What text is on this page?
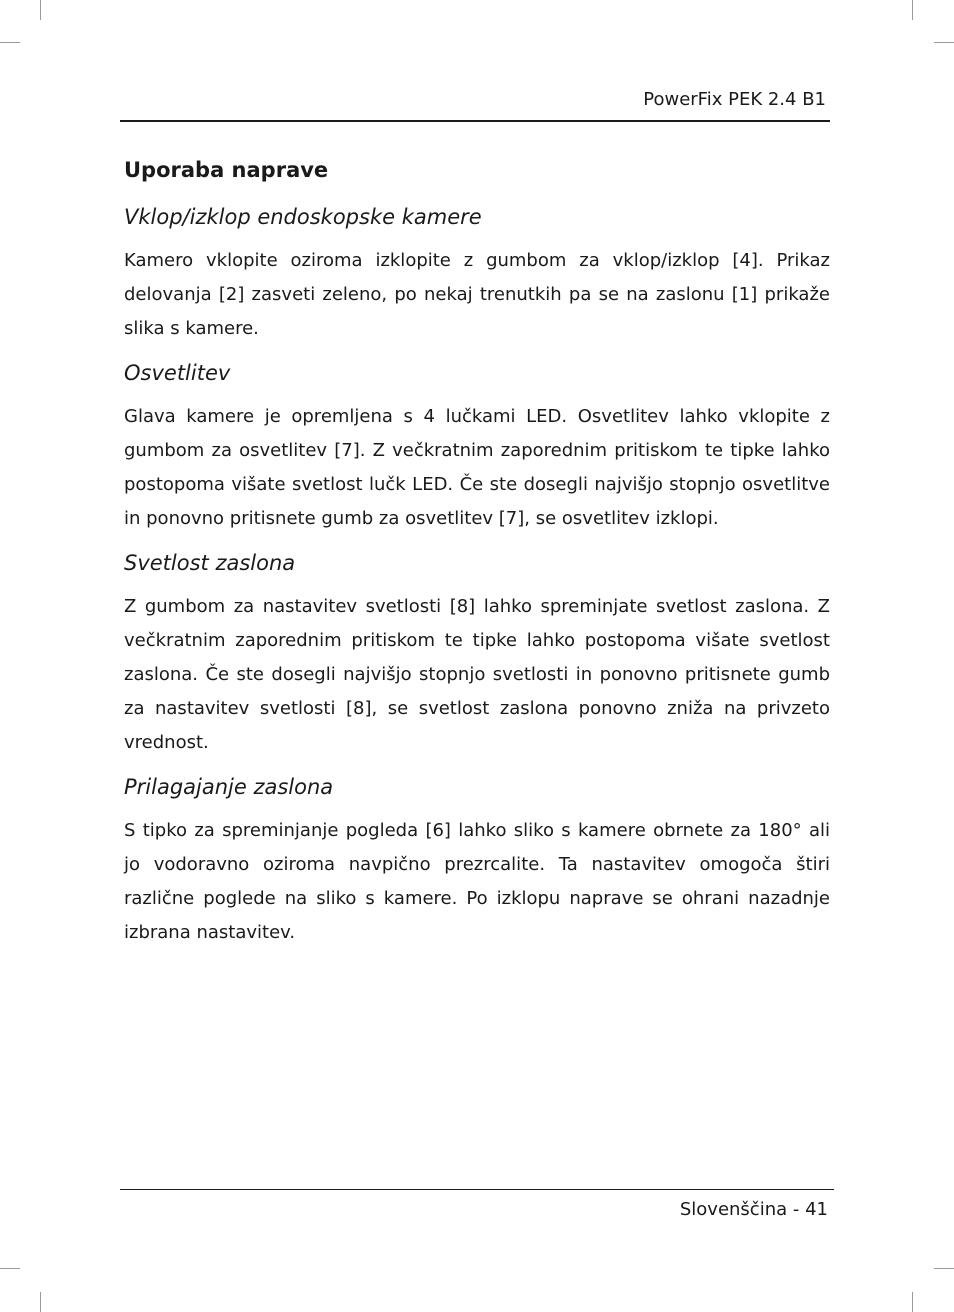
PowerFix PEK 2.4 B1
Uporaba naprave
Vklop/izklop endoskopske kamere

Kamero vklopite oziroma izklopite z gumbom za vklop/izklop [4]. Prikaz delovanja [2] zasveti zeleno, po nekaj trenutkih pa se na zaslonu [1] prikaže slika s kamere.

Osvetlitev

Glava kamere je opremljena s 4 lučkami LED. Osvetlitev lahko vklopite z gumbom za osvetlitev [7]. Z večkratnim zaporednim pritiskom te tipke lahko postopoma višate svetlost lučk LED. Če ste dosegli najvišjo stopnjo osvetlitve in ponovno pritisnete gumb za osvetlitev [7], se osvetlitev izklopi.

Svetlost zaslona

Z gumbom za nastavitev svetlosti [8] lahko spreminjate svetlost zaslona. Z večkratnim zaporednim pritiskom te tipke lahko postopoma višate svetlost zaslona. Če ste dosegli najvišjo stopnjo svetlosti in ponovno pritisnete gumb za nastavitev svetlosti [8], se svetlost zaslona ponovno zniža na privzeto vrednost.

Prilagajanje zaslona

S tipko za spreminjanje pogleda [6] lahko sliko s kamere obrnete za 180° ali jo vodoravno oziroma navpično prezrcalite. Ta nastavitev omogoča štiri različne poglede na sliko s kamere. Po izklopu naprave se ohrani nazadnje izbrana nastavitev.

Slovenščina - 41
